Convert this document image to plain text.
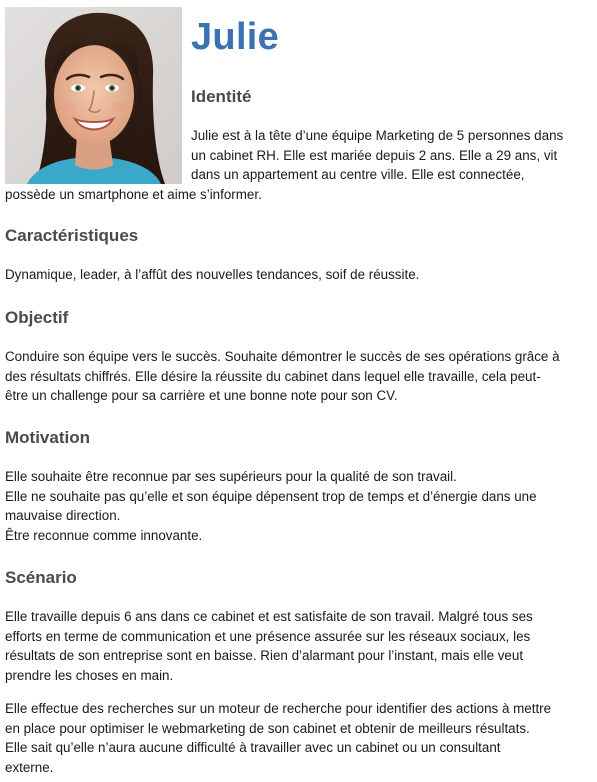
Julie
Identité
Julie est à la tête d’une équipe Marketing de 5 personnes dans
un cabinet RH. Elle est mariée depuis 2 ans. Elle a 29 ans, vit
dans un appartement au centre ville. Elle est connectée,
possède un smartphone et aime s’informer.
Caractéristiques
Dynamique, leader, à l’affût des nouvelles tendances, soif de réussite.
Objectif
Conduire son équipe vers le succès. Souhaite démontrer le succès de ses opérations grâce à
des résultats chiffrés. Elle désire la réussite du cabinet dans lequel elle travaille, cela peut-
être un challenge pour sa carrière et une bonne note pour son CV.
Motivation
Elle souhaite être reconnue par ses supérieurs pour la qualité de son travail.
Elle ne souhaite pas qu’elle et son équipe dépensent trop de temps et d’énergie dans une
mauvaise direction.
Être reconnue comme innovante.
Scénario
Elle travaille depuis 6 ans dans ce cabinet et est satisfaite de son travail. Malgré tous ses
efforts en terme de communication et une présence assurée sur les réseaux sociaux, les
résultats de son entreprise sont en baisse. Rien d’alarmant pour l’instant, mais elle veut
prendre les choses en main.
Elle effectue des recherches sur un moteur de recherche pour identifier des actions à mettre
en place pour optimiser le webmarketing de son cabinet et obtenir de meilleurs résultats.
Elle sait qu’elle n’aura aucune difficulté à travailler avec un cabinet ou un consultant
externe.
